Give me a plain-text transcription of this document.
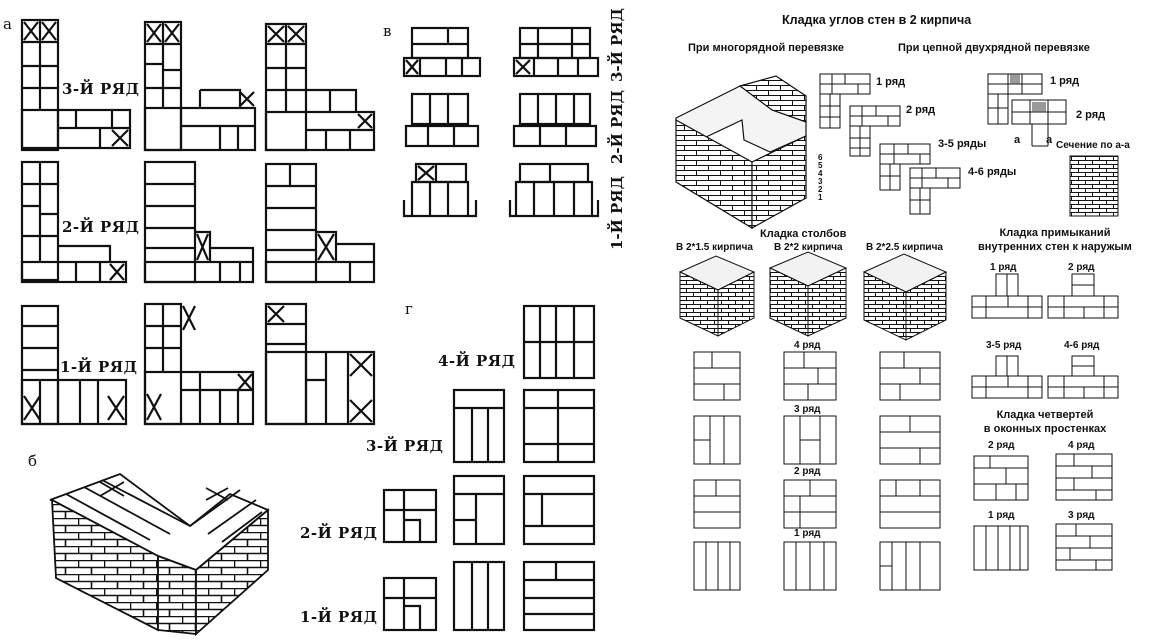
а
б
в
г
3-Й РЯД
2-Й РЯД
1-Й РЯД	4-Й РЯД
3-Й РЯД
2-Й РЯД
1-Й РЯД
3-Й РЯД
2-Й РЯД
1-Й РЯД
Кладка углов стен в 2 кирпича
При многорядной перевязке	При цепной двухрядной перевязке
1 ряд
2 ряд
3-5 ряды
4-6 ряды
6
5
4
3
2
1
1 ряд
2 ряд
а а Сечение по а-а
Кладка столбов
В 2*1.5 кирпича В 2*2 кирпича В 2*2.5 кирпича
4 ряд
3 ряд
2 ряд
1 ряд
Кладка примыканий
внутренних стен к наружым
1 ряд	2 ряд
3-5 ряд	4-6 ряд
Кладка четвертей
в оконных простенках
2 ряд	4 ряд
1 ряд	3 ряд
